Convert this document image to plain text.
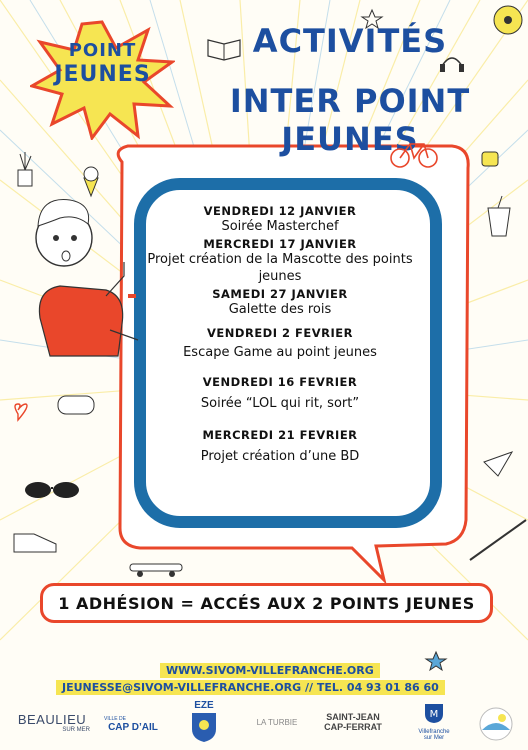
POINT
JEUNES
ACTIVITÉS
INTER POINT JEUNES
VENDREDI 12 JANVIER
Soirée Masterchef
MERCREDI 17 JANVIER
Projet création de la Mascotte des points jeunes
SAMEDI 27 JANVIER
Galette des rois
VENDREDI 2 FEVRIER
Escape Game au point jeunes
VENDREDI 16 FEVRIER
Soirée “LOL qui rit, sort”
MERCREDI 21 FEVRIER
Projet création d’une BD
1 ADHÉSION = ACCÉS AUX 2 POINTS JEUNES
WWW.SIVOM-VILLEFRANCHE.ORG
JEUNESSE@SIVOM-VILLEFRANCHE.ORG // TEL. 04 93 01 86 60
BEAULIEU
SUR MER
VILLE DE
CAP D’AIL
EZE
LA TURBIE
SAINT-JEAN
CAP-FERRAT
M
Villefranche
sur Mer
